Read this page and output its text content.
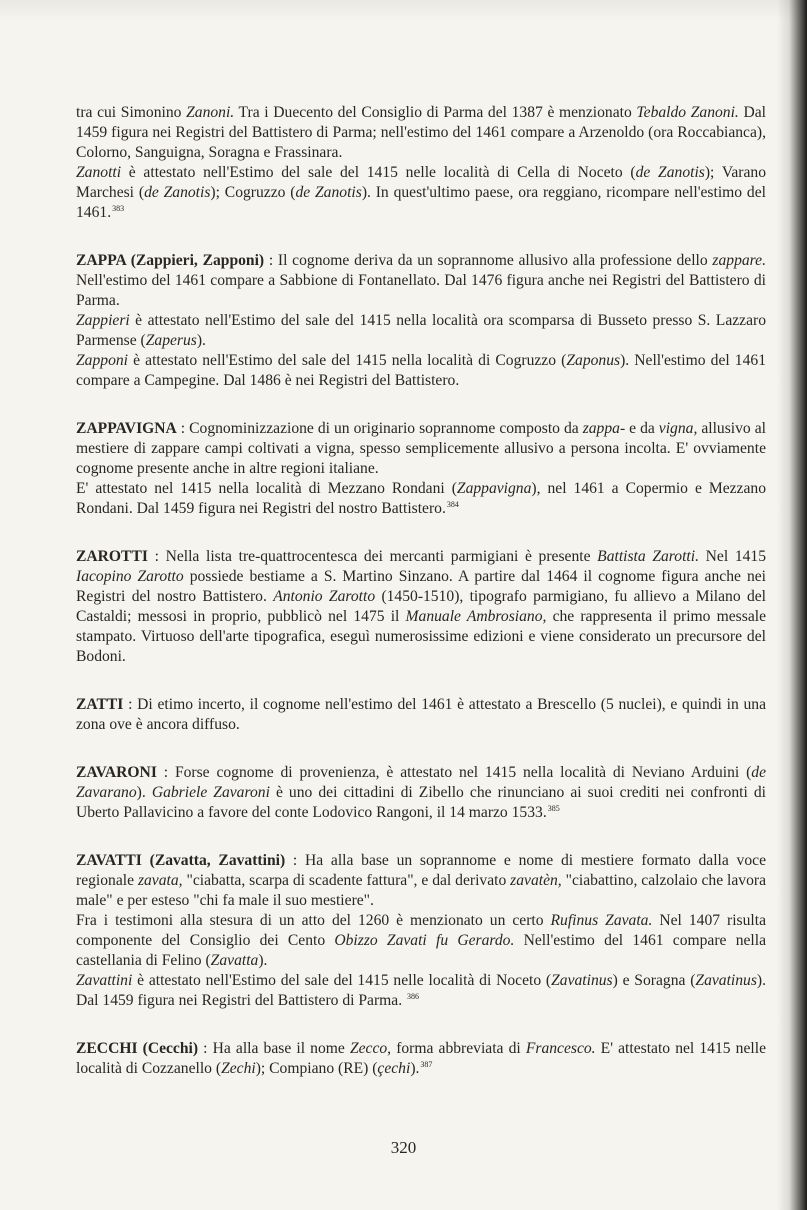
tra cui Simonino Zanoni. Tra i Duecento del Consiglio di Parma del 1387 è menzionato Tebaldo Zanoni. Dal 1459 figura nei Registri del Battistero di Parma; nell'estimo del 1461 compare a Arzenoldo (ora Roccabianca), Colorno, Sanguigna, Soragna e Frassinara.

Zanotti è attestato nell'Estimo del sale del 1415 nelle località di Cella di Noceto (de Zanotis); Varano Marchesi (de Zanotis); Cogruzzo (de Zanotis). In quest'ultimo paese, ora reggiano, ricompare nell'estimo del 1461.$^{383}$

ZAPPA (Zappieri, Zapponi) : Il cognome deriva da un soprannome allusivo alla professione dello zappare. Nell'estimo del 1461 compare a Sabbione di Fontanellato. Dal 1476 figura anche nei Registri del Battistero di Parma.

Zappieri è attestato nell'Estimo del sale del 1415 nella località ora scomparsa di Busseto presso S. Lazzaro Parmense (Zaperus).

Zapponi è attestato nell'Estimo del sale del 1415 nella località di Cogruzzo (Zaponus). Nell'estimo del 1461 compare a Campegine. Dal 1486 è nei Registri del Battistero.

ZAPPAVIGNA : Cognominizzazione di un originario soprannome composto da zappa- e da vigna, allusivo al mestiere di zappare campi coltivati a vigna, spesso semplicemente allusivo a persona incolta. E' ovviamente cognome presente anche in altre regioni italiane.

E' attestato nel 1415 nella località di Mezzano Rondani (Zappavigna), nel 1461 a Copermio e Mezzano Rondani. Dal 1459 figura nei Registri del nostro Battistero.$^{384}$

ZAROTTI : Nella lista tre-quattrocentesca dei mercanti parmigiani è presente Battista Zarotti. Nel 1415 Iacopino Zarotto possiede bestiame a S. Martino Sinzano. A partire dal 1464 il cognome figura anche nei Registri del nostro Battistero. Antonio Zarotto (1450-1510), tipografo parmigiano, fu allievo a Milano del Castaldi; messosi in proprio, pubblicò nel 1475 il Manuale Ambrosiano, che rappresenta il primo messale stampato. Virtuoso dell'arte tipografica, eseguì numerosissime edizioni e viene considerato un precursore del Bodoni.

ZATTI : Di etimo incerto, il cognome nell'estimo del 1461 è attestato a Brescello (5 nuclei), e quindi in una zona ove è ancora diffuso.

ZAVARONI : Forse cognome di provenienza, è attestato nel 1415 nella località di Neviano Arduini (de Zavarano). Gabriele Zavaroni è uno dei cittadini di Zibello che rinunciano ai suoi crediti nei confronti di Uberto Pallavicino a favore del conte Lodovico Rangoni, il 14 marzo 1533.$^{385}$

ZAVATTI (Zavatta, Zavattini) : Ha alla base un soprannome e nome di mestiere formato dalla voce regionale zavata, "ciabatta, scarpa di scadente fattura", e dal derivato zavatèn, "ciabattino, calzolaio che lavora male" e per esteso "chi fa male il suo mestiere".

Fra i testimoni alla stesura di un atto del 1260 è menzionato un certo Rufinus Zavata. Nel 1407 risulta componente del Consiglio dei Cento Obizzo Zavati fu Gerardo. Nell'estimo del 1461 compare nella castellania di Felino (Zavatta).

Zavattini è attestato nell'Estimo del sale del 1415 nelle località di Noceto (Zavatinus) e Soragna (Zavatinus). Dal 1459 figura nei Registri del Battistero di Parma. $^{386}$

ZECCHI (Cecchi) : Ha alla base il nome Zecco, forma abbreviata di Francesco. E' attestato nel 1415 nelle località di Cozzanello (Zechi); Compiano (RE) (çechi).$^{387}$

320
